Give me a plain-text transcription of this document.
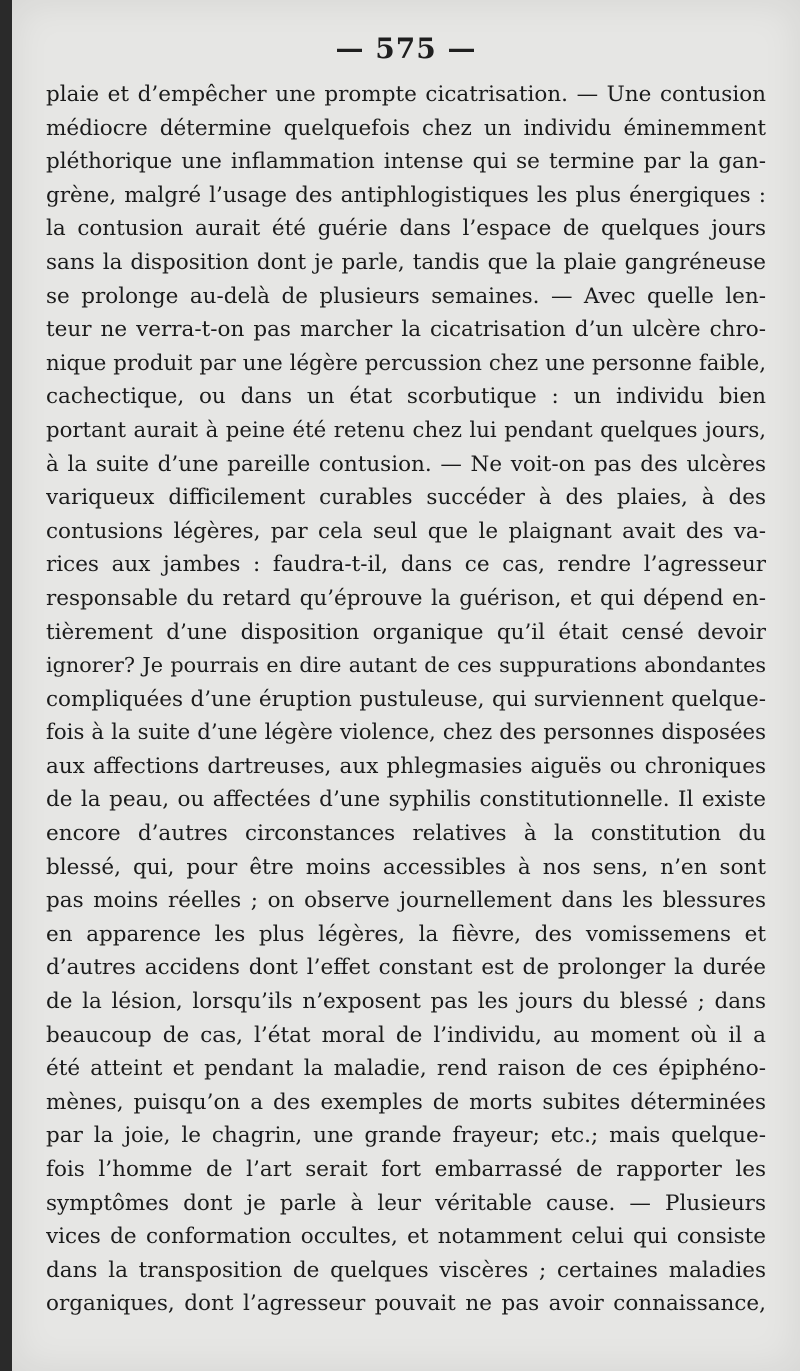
— 575 —
plaie et d’empêcher une prompte cicatrisation. — Une contusion
médiocre détermine quelquefois chez un individu éminemment
pléthorique une inflammation intense qui se termine par la gan-
grène, malgré l’usage des antiphlogistiques les plus énergiques :
la contusion aurait été guérie dans l’espace de quelques jours
sans la disposition dont je parle, tandis que la plaie gangréneuse
se prolonge au-delà de plusieurs semaines. — Avec quelle len-
teur ne verra-t-on pas marcher la cicatrisation d’un ulcère chro-
nique produit par une légère percussion chez une personne faible,
cachectique, ou dans un état scorbutique : un individu bien
portant aurait à peine été retenu chez lui pendant quelques jours,
à la suite d’une pareille contusion. — Ne voit-on pas des ulcères
variqueux difficilement curables succéder à des plaies, à des
contusions légères, par cela seul que le plaignant avait des va-
rices aux jambes : faudra-t-il, dans ce cas, rendre l’agresseur
responsable du retard qu’éprouve la guérison, et qui dépend en-
tièrement d’une disposition organique qu’il était censé devoir
ignorer? Je pourrais en dire autant de ces suppurations abondantes
compliquées d’une éruption pustuleuse, qui surviennent quelque-
fois à la suite d’une légère violence, chez des personnes disposées
aux affections dartreuses, aux phlegmasies aiguës ou chroniques
de la peau, ou affectées d’une syphilis constitutionnelle. Il existe
encore d’autres circonstances relatives à la constitution du
blessé, qui, pour être moins accessibles à nos sens, n’en sont
pas moins réelles ; on observe journellement dans les blessures
en apparence les plus légères, la fièvre, des vomissemens et
d’autres accidens dont l’effet constant est de prolonger la durée
de la lésion, lorsqu’ils n’exposent pas les jours du blessé ; dans
beaucoup de cas, l’état moral de l’individu, au moment où il a
été atteint et pendant la maladie, rend raison de ces épiphéno-
mènes, puisqu’on a des exemples de morts subites déterminées
par la joie, le chagrin, une grande frayeur; etc.; mais quelque-
fois l’homme de l’art serait fort embarrassé de rapporter les
symptômes dont je parle à leur véritable cause. — Plusieurs
vices de conformation occultes, et notamment celui qui consiste
dans la transposition de quelques viscères ; certaines maladies
organiques, dont l’agresseur pouvait ne pas avoir connaissance,
